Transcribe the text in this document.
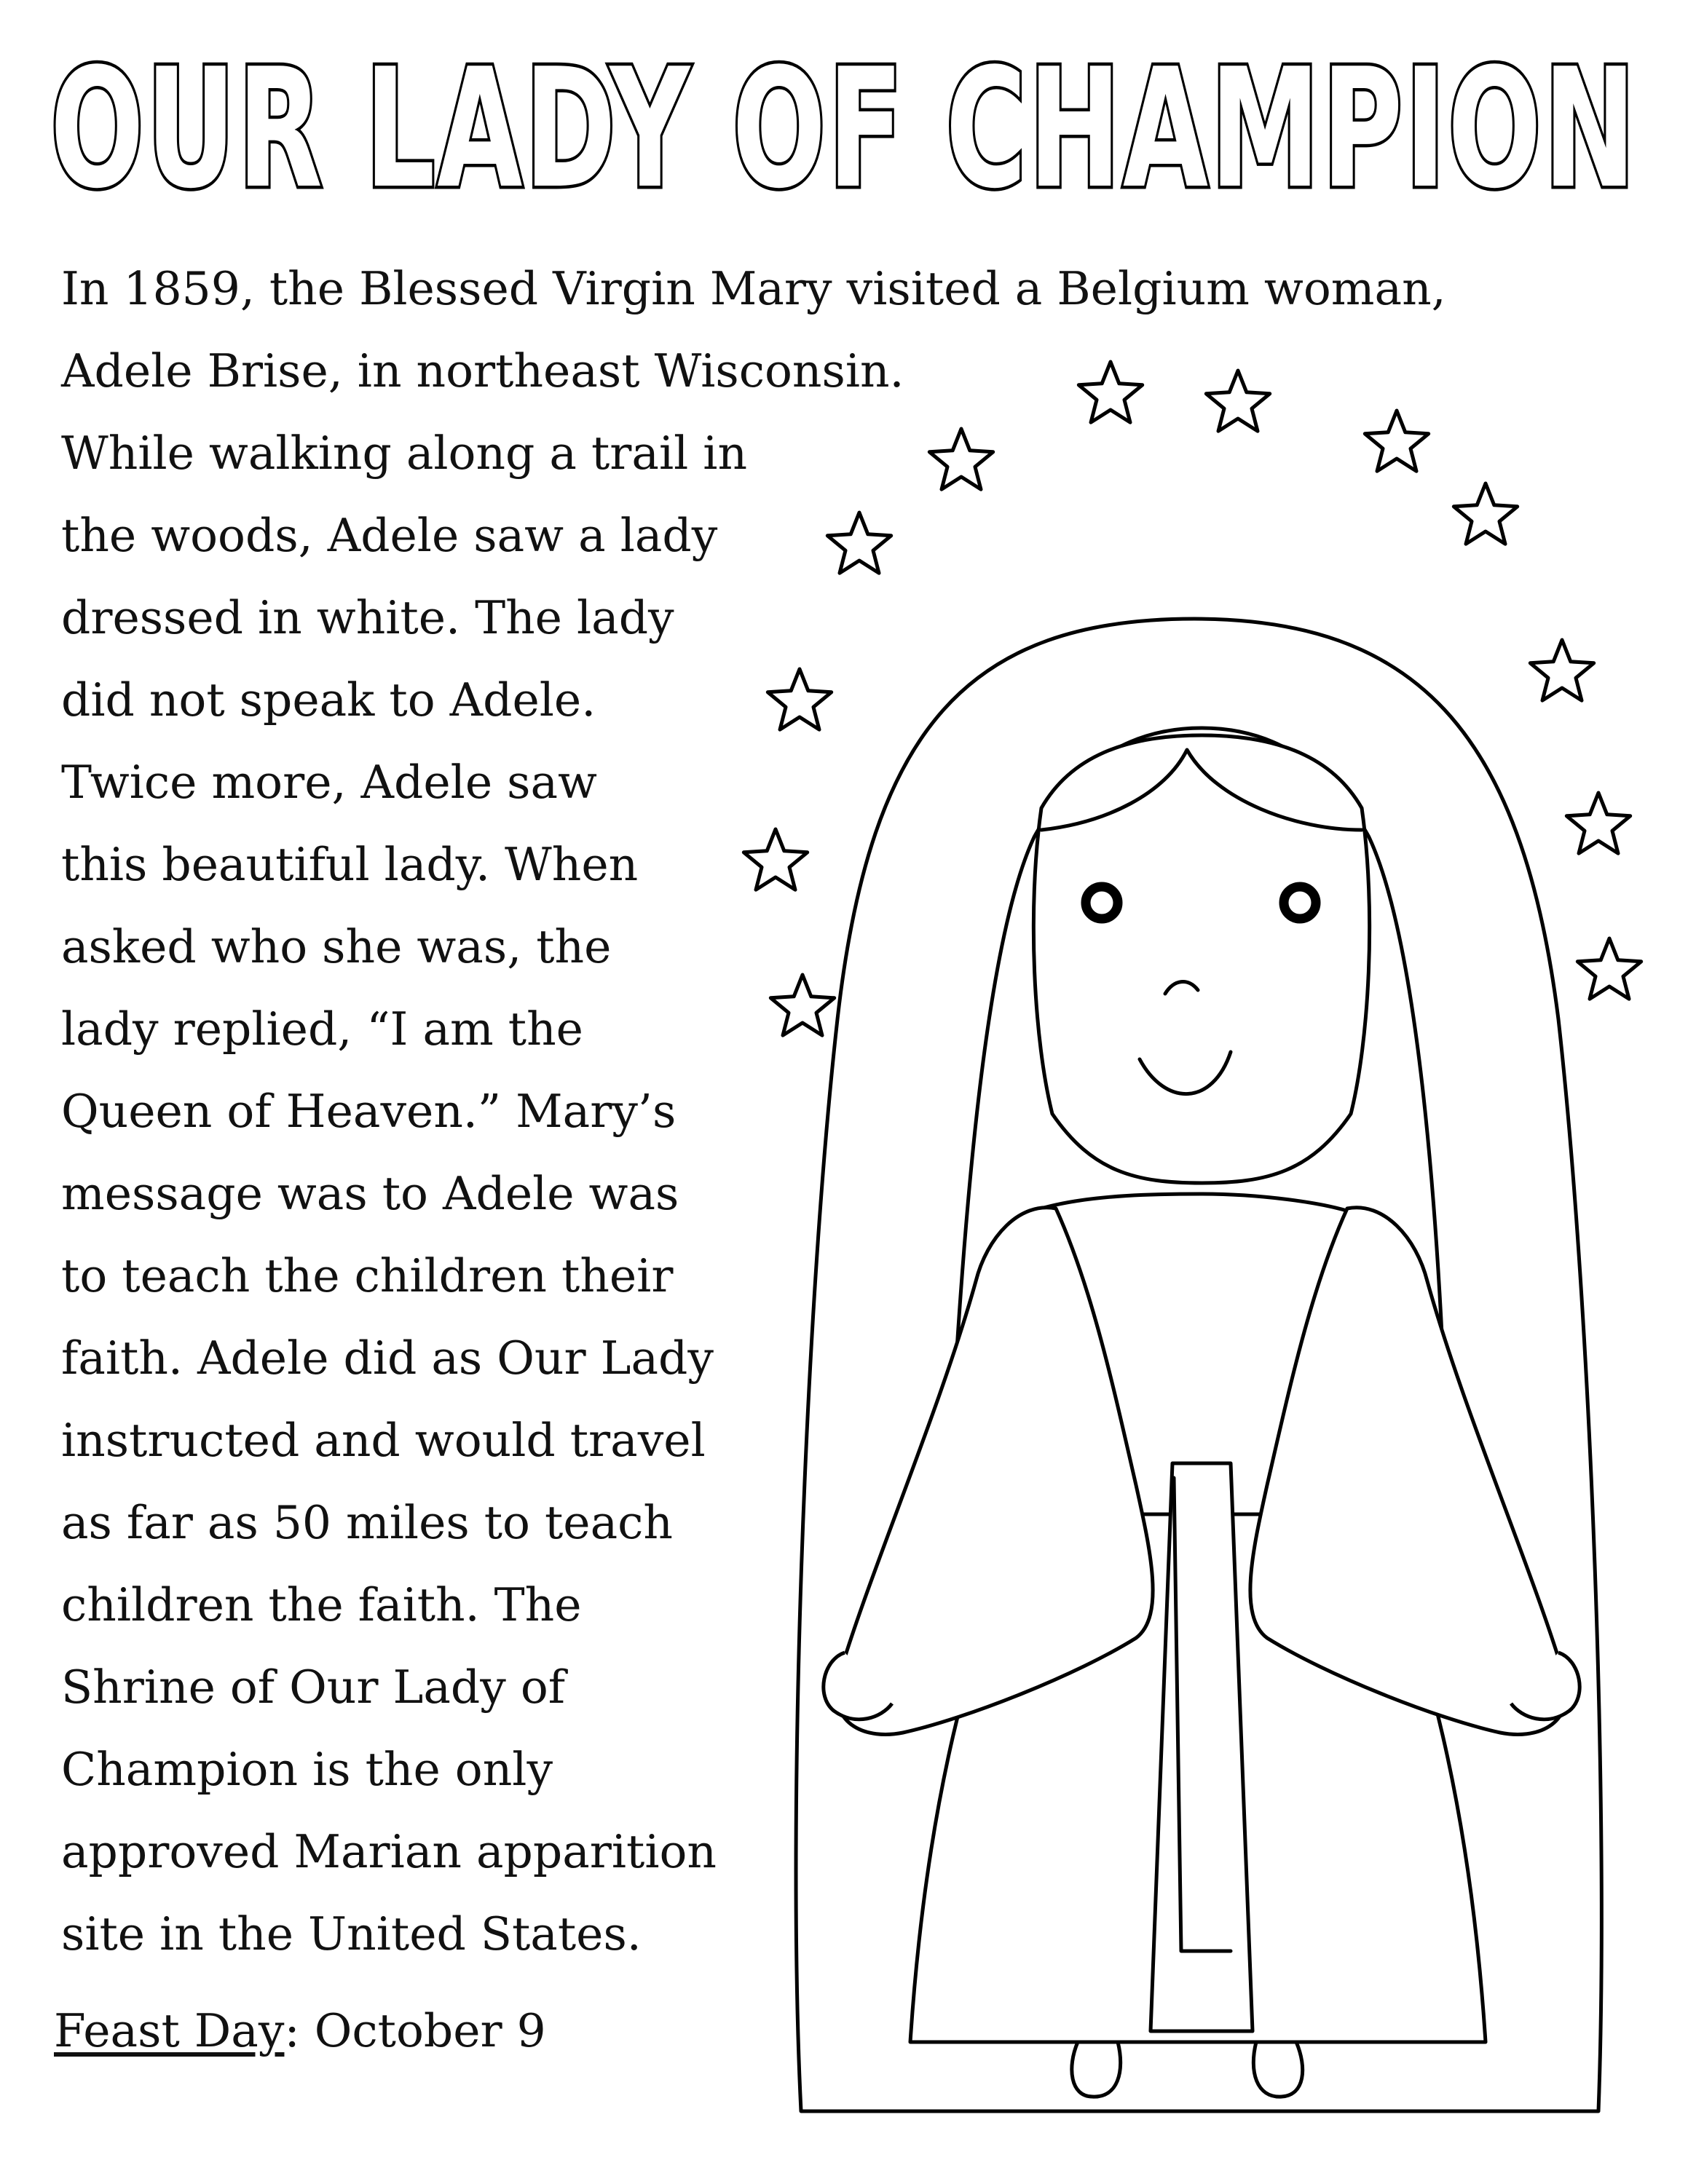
OUR LADY OF CHAMPION
In 1859, the Blessed Virgin Mary visited a Belgium woman,
Adele Brise, in northeast Wisconsin.
While walking along a trail in
the woods, Adele saw a lady
dressed in white. The lady
did not speak to Adele.
Twice more, Adele saw
this beautiful lady. When
asked who she was, the
lady replied, “I am the
Queen of Heaven.” Mary’s
message was to Adele was
to teach the children their
faith. Adele did as Our Lady
instructed and would travel
as far as 50 miles to teach
children the faith. The
Shrine of Our Lady of
Champion is the only
approved Marian apparition
site in the United States.
Feast Day: October 9
